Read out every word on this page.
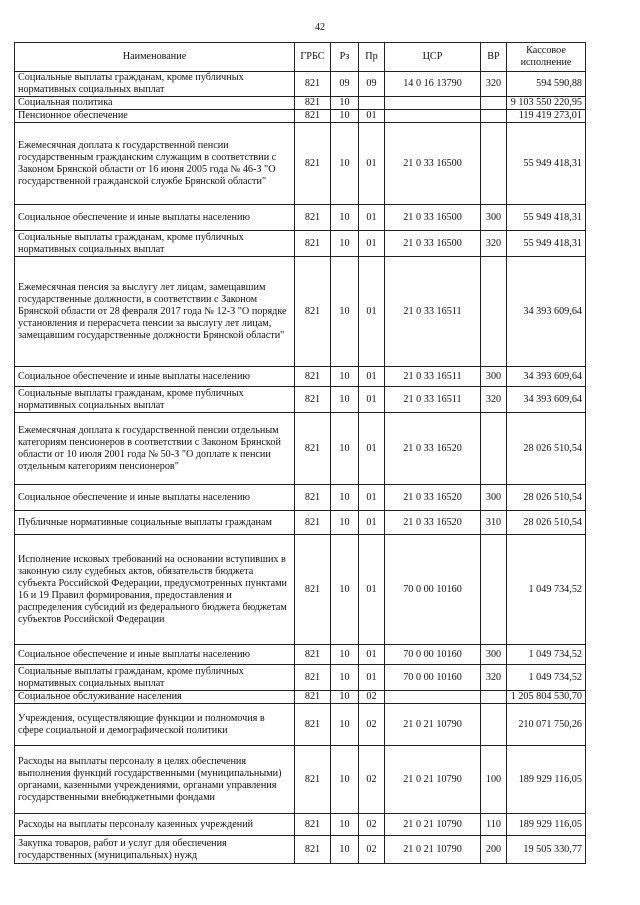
42
Наименование	ГРБС	Рз	Пр	ЦСР	ВР	Кассовое исполнение
Социальные выплаты гражданам, кроме публичных нормативных социальных выплат	821	09	09	14 0 16 13790	320	594 590,88
Социальная политика	821	10				9 103 550 220,95
Пенсионное обеспечение	821	10	01			119 419 273,01
Ежемесячная доплата к государственной пенсии государственным гражданским служащим в соответствии с Законом Брянской области от 16 июня 2005 года № 46-З "О государственной гражданской службе Брянской области"	821	10	01	21 0 33 16500		55 949 418,31
Социальное обеспечение и иные выплаты населению	821	10	01	21 0 33 16500	300	55 949 418,31
Социальные выплаты гражданам, кроме публичных нормативных социальных выплат	821	10	01	21 0 33 16500	320	55 949 418,31
Ежемесячная пенсия за выслугу лет лицам, замещавшим государственные должности, в соответствии с Законом Брянской области от 28 февраля 2017 года № 12-З "О порядке установления и перерасчета пенсии за выслугу лет лицам, замещавшим государственные должности Брянской области"	821	10	01	21 0 33 16511		34 393 609,64
Социальное обеспечение и иные выплаты населению	821	10	01	21 0 33 16511	300	34 393 609,64
Социальные выплаты гражданам, кроме публичных нормативных социальных выплат	821	10	01	21 0 33 16511	320	34 393 609,64
Ежемесячная доплата к государственной пенсии отдельным категориям пенсионеров в соответствии с Законом Брянской области от 10 июля 2001 года № 50-З "О доплате к пенсии отдельным категориям пенсионеров"	821	10	01	21 0 33 16520		28 026 510,54
Социальное обеспечение и иные выплаты населению	821	10	01	21 0 33 16520	300	28 026 510,54
Публичные нормативные социальные выплаты гражданам	821	10	01	21 0 33 16520	310	28 026 510,54
Исполнение исковых требований на основании вступивших в законную силу судебных актов, обязательств бюджета субъекта Российской Федерации, предусмотренных пунктами 16 и 19 Правил формирования, предоставления и распределения субсидий из федерального бюджета бюджетам субъектов Российской Федерации	821	10	01	70 0 00 10160		1 049 734,52
Социальное обеспечение и иные выплаты населению	821	10	01	70 0 00 10160	300	1 049 734,52
Социальные выплаты гражданам, кроме публичных нормативных социальных выплат	821	10	01	70 0 00 10160	320	1 049 734,52
Социальное обслуживание населения	821	10	02			1 205 804 530,70
Учреждения, осуществляющие функции и полномочия в сфере социальной и демографической политики	821	10	02	21 0 21 10790		210 071 750,26
Расходы на выплаты персоналу в целях обеспечения выполнения функций государственными (муниципальными) органами, казенными учреждениями, органами управления государственными внебюджетными фондами	821	10	02	21 0 21 10790	100	189 929 116,05
Расходы на выплаты персоналу казенных учреждений	821	10	02	21 0 21 10790	110	189 929 116,05
Закупка товаров, работ и услуг для обеспечения государственных (муниципальных) нужд	821	10	02	21 0 21 10790	200	19 505 330,77
